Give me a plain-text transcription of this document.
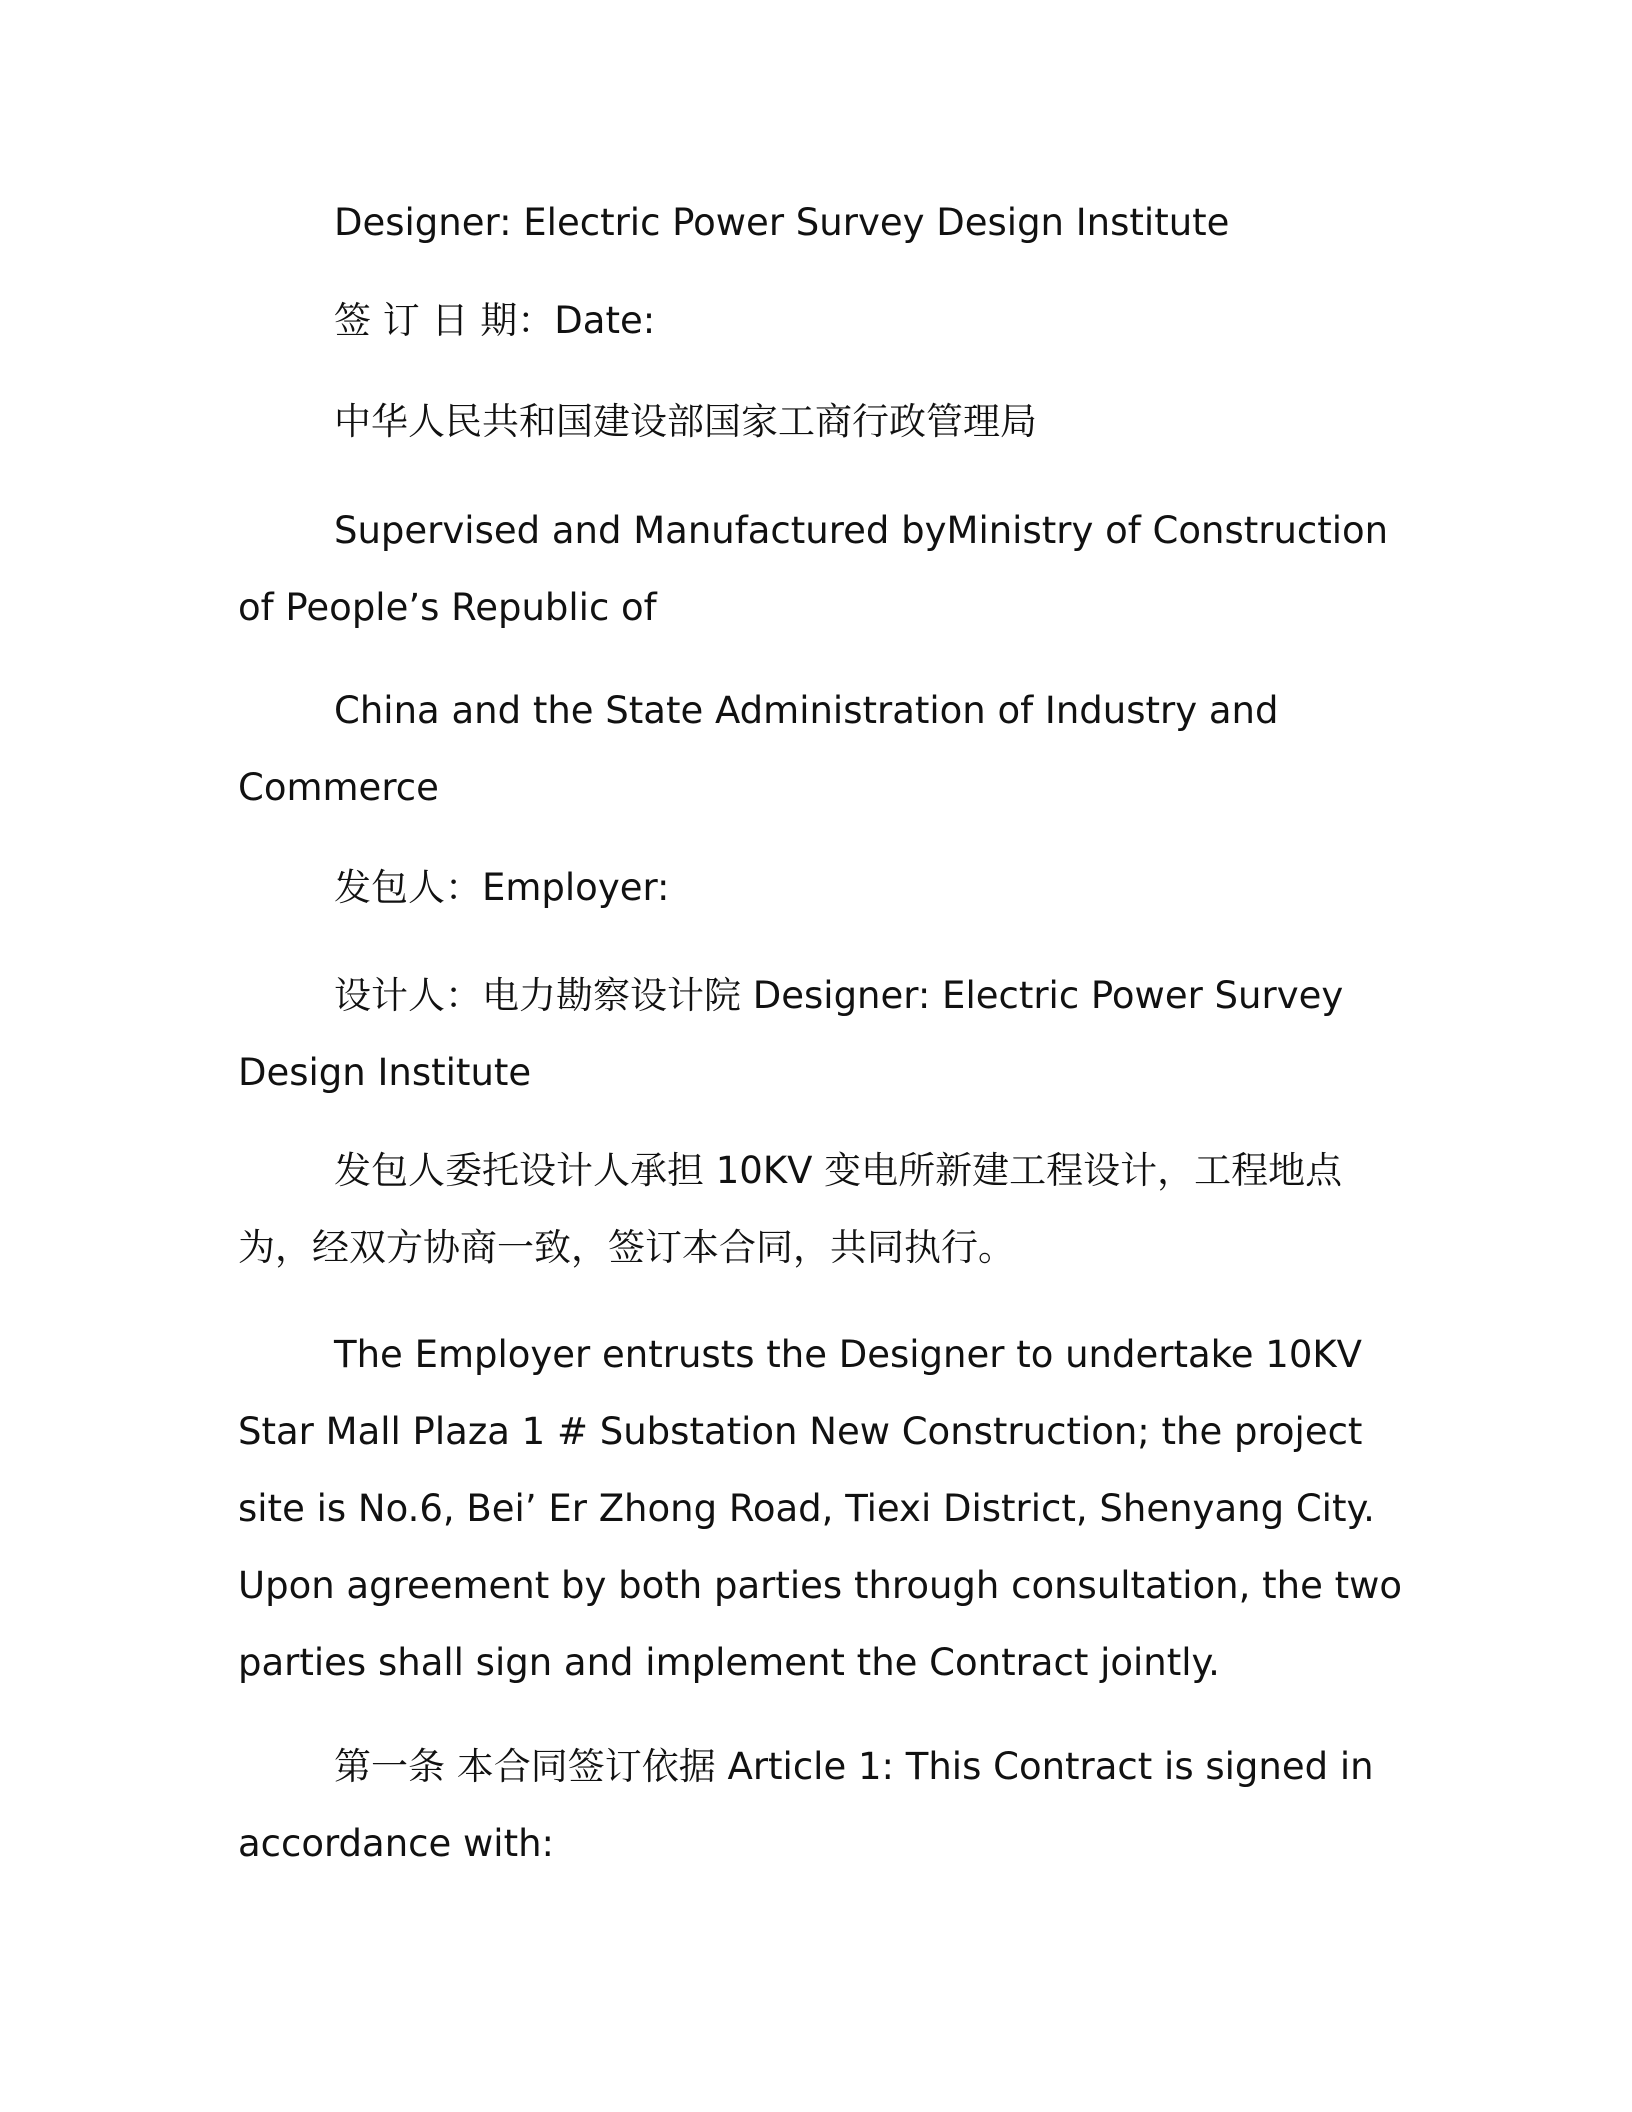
Designer: Electric Power Survey Design Institute

签 订 日 期：Date:

中华人民共和国建设部国家工商行政管理局

Supervised and Manufactured byMinistry of Construction of People’s Republic of

China and the State Administration of Industry and Commerce

发包人：Employer:

设计人：电力勘察设计院 Designer: Electric Power Survey Design Institute

发包人委托设计人承担 10KV 变电所新建工程设计，工程地点为，经双方协商一致，签订本合同，共同执行。

The Employer entrusts the Designer to undertake 10KV Star Mall Plaza 1 # Substation New Construction; the project site is No.6, Bei’ Er Zhong Road, Tiexi District, Shenyang City. Upon agreement by both parties through consultation, the two parties shall sign and implement the Contract jointly.

第一条 本合同签订依据 Article 1: This Contract is signed in accordance with:
